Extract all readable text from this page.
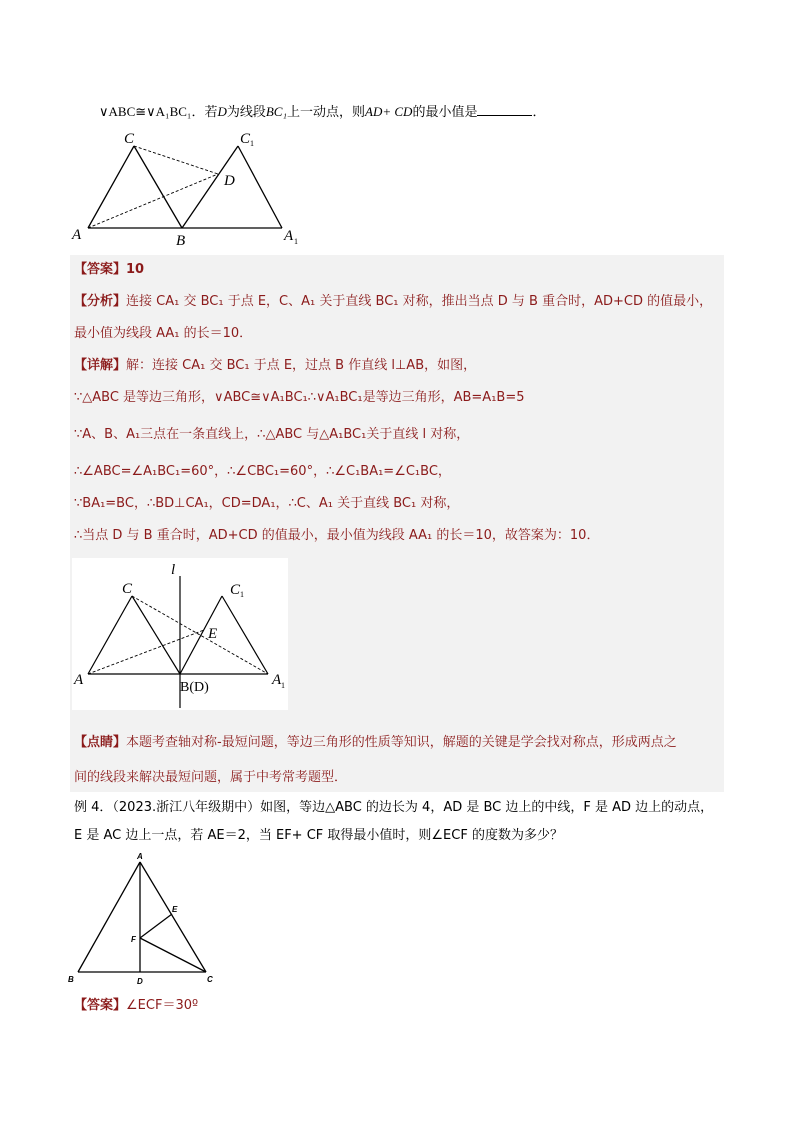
∨ABC≅∨A₁BC₁．若D为线段BC₁上一动点，则AD+ CD的最小值是	．
C	C 1
D
A	B	A 1
【答案】10
【分析】连接 CA₁ 交 BC₁ 于点 E，C、A₁ 关于直线 BC₁ 对称，推出当点 D 与 B 重合时，AD+CD 的值最小，
最小值为线段 AA₁ 的长＝10．
【详解】解：连接 CA₁ 交 BC₁ 于点 E，过点 B 作直线 l⊥AB，如图，
∵△ABC 是等边三角形，∨ABC≅∨A₁BC₁∴∨A₁BC₁是等边三角形，AB=A₁B=5
∵A、B、A₁三点在一条直线上，∴△ABC 与△A₁BC₁关于直线 l 对称，
∴∠ABC=∠A₁BC₁=60°，∴∠CBC₁=60°，∴∠C₁BA₁=∠C₁BC，
∵BA₁=BC，∴BD⊥CA₁，CD=DA₁，∴C、A₁ 关于直线 BC₁ 对称，
∴当点 D 与 B 重合时，AD+CD 的值最小，最小值为线段 AA₁ 的长＝10，故答案为：10．
l
C	C 1
E
A	B(D)	A 1
【点睛】本题考查轴对称-最短问题，等边三角形的性质等知识，解题的关键是学会找对称点，形成两点之
间的线段来解决最短问题，属于中考常考题型．
例 4．（2023.浙江八年级期中）如图，等边△ABC 的边长为 4，AD 是 BC 边上的中线，F 是 AD 边上的动点，
E 是 AC 边上一点，若 AE＝2，当 EF+ CF 取得最小值时，则∠ECF 的度数为多少？
A
E
F
B	D	C
【答案】∠ECF＝30º
